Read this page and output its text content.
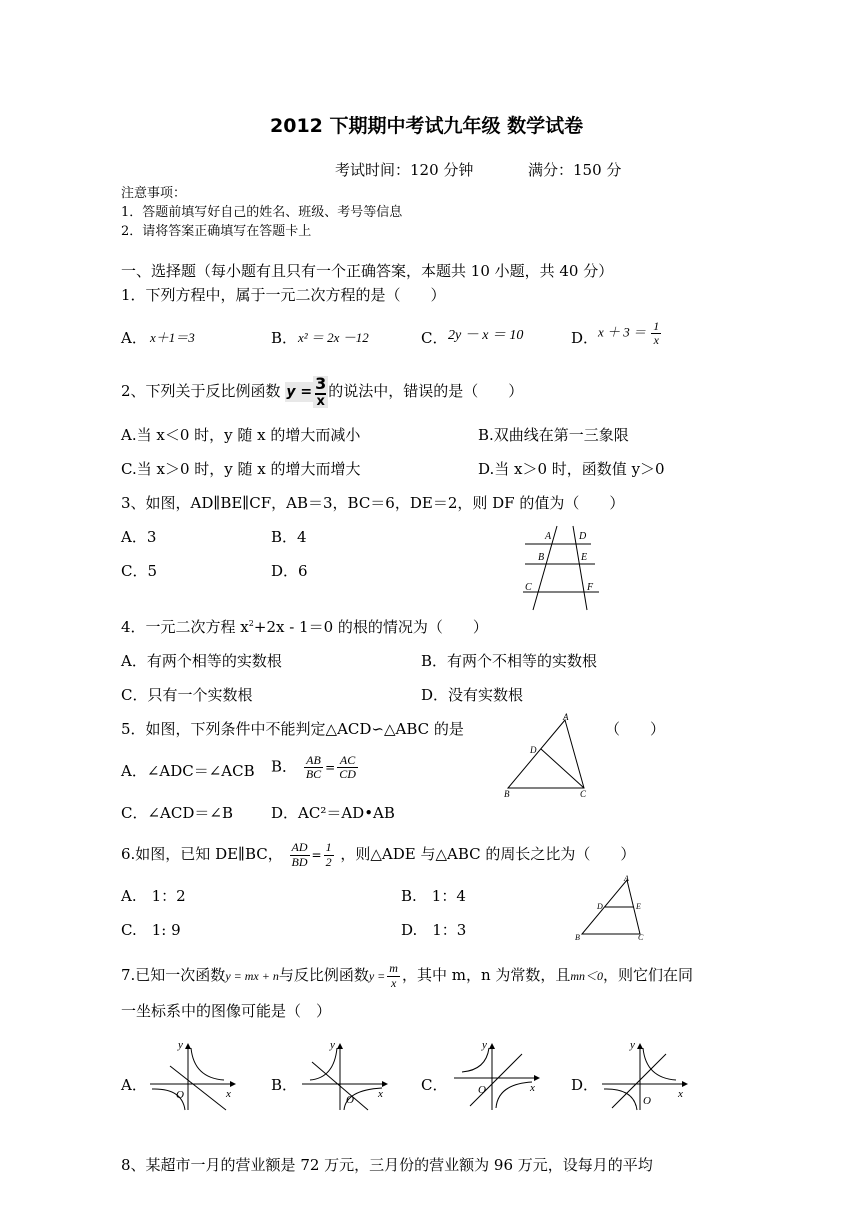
2012 下期期中考试九年级 数学试卷
考试时间：120 分钟	满分：150 分
注意事项：
1．答题前填写好自己的姓名、班级、考号等信息
2．请将答案正确填写在答题卡上
一、选择题（每小题有且只有一个正确答案，本题共 10 小题，共 40 分）
1．下列方程中，属于一元二次方程的是（　　）
A． x＋1＝3	B． x² ＝ 2x －12	C． 2y － x ＝ 10	D． $x + 3 = \frac{1}{x}$
2、下列关于反比例函数 y = 3
x的说法中，错误的是（　　）
A.当 x＜0 时，y 随 x 的增大而减小	B.双曲线在第一三象限
C.当 x＞0 时，y 随 x 的增大而增大	D.当 x＞0 时，函数值 y＞0
3、如图，AD∥BE∥CF，AB＝3，BC＝6，DE＝2，则 DF 的值为（　　）
A．3	B．4
C．5	D．6
A	D
B	E
C	F
4．一元二次方程 $x^2+2x - 1=0$ 的根的情况为（　　）
A．有两个相等的实数根	B．有两个不相等的实数根
C．只有一个实数根	D．没有实数根
5．如图，下列条件中不能判定△ACD∽△ABC 的是	（　　）
A．∠ADC＝∠ACB B． $\frac{AB}{BC} = \frac{AC}{CD}$
C．∠ACD＝∠B	D．AC²＝AD•AB
A
D
B	C
6.如图，已知 DE∥BC， $\frac{AD}{BD} = \frac{1}{2}$ ，则△ADE 与△ABC 的周长之比为（　　）
A.　1：2	B.　1：4
C.　1: 9	D.　1：3
A
D	E
B	C
7.已知一次函数y = mx + n与反比例函数$y = \frac{m}{x}$ ，其中 m，n 为常数，且mn＜0，则它们在同
一坐标系中的图像可能是（　）
A．	B．	C．	D．
y
x
O
y
x
O
y
x
O
y
x
O
8、某超市一月的营业额是 72 万元，三月份的营业额为 96 万元，设每月的平均
